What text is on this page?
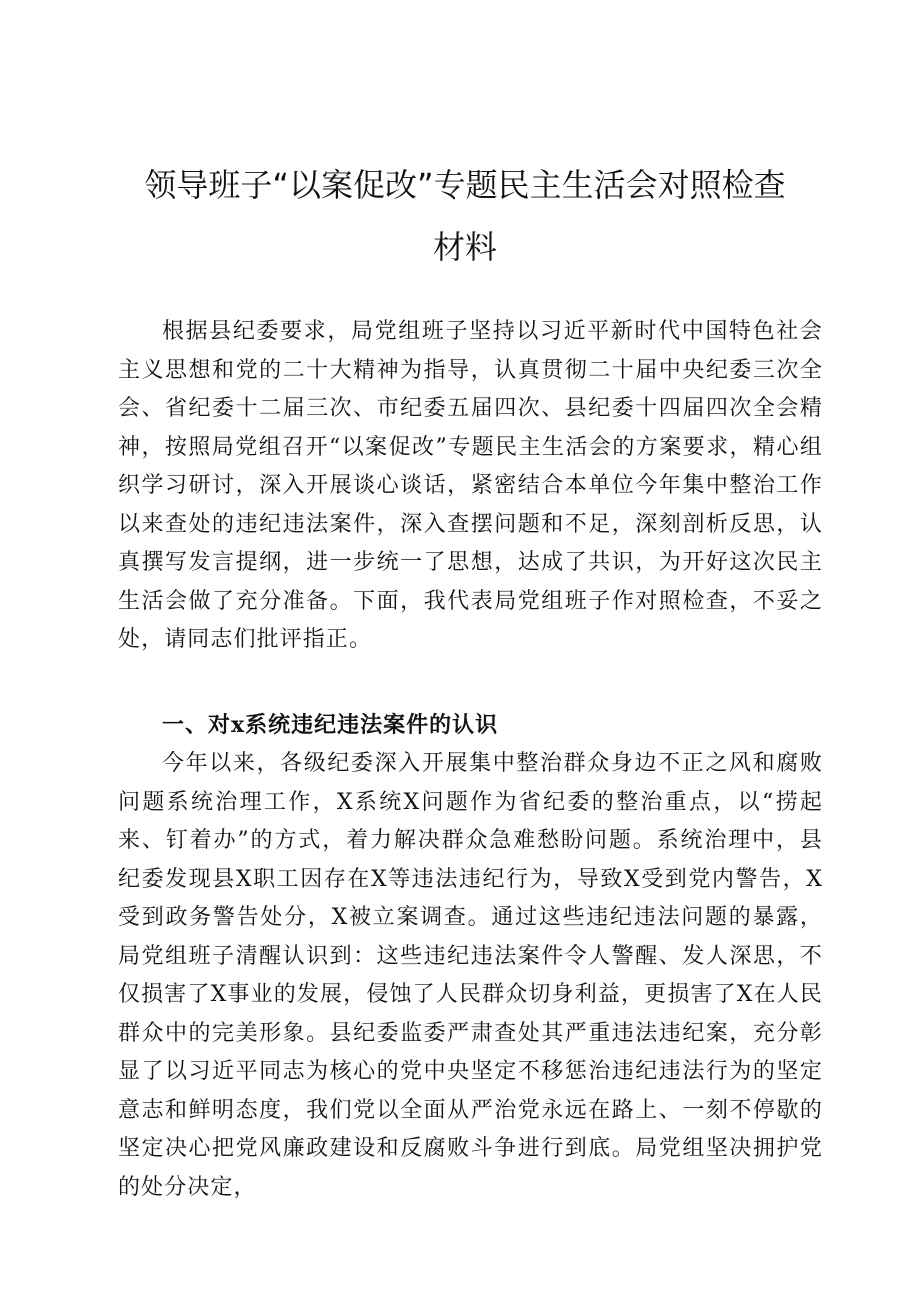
领导班子“以案促改”专题民主生活会对照检查
材料

根据县纪委要求，局党组班子坚持以习近平新时代中国特色社会主义思想和党的二十大精神为指导，认真贯彻二十届中央纪委三次全会、省纪委十二届三次、市纪委五届四次、县纪委十四届四次全会精神，按照局党组召开“以案促改”专题民主生活会的方案要求，精心组织学习研讨，深入开展谈心谈话，紧密结合本单位今年集中整治工作以来查处的违纪违法案件，深入查摆问题和不足，深刻剖析反思，认真撰写发言提纲，进一步统一了思想，达成了共识，为开好这次民主生活会做了充分准备。下面，我代表局党组班子作对照检查，不妥之处，请同志们批评指正。

一、对x系统违纪违法案件的认识

今年以来，各级纪委深入开展集中整治群众身边不正之风和腐败问题系统治理工作，X系统X问题作为省纪委的整治重点，以“捞起来、钉着办”的方式，着力解决群众急难愁盼问题。系统治理中，县纪委发现县X职工因存在X等违法违纪行为，导致X受到党内警告，X受到政务警告处分，X被立案调查。通过这些违纪违法问题的暴露，局党组班子清醒认识到：这些违纪违法案件令人警醒、发人深思，不仅损害了X事业的发展，侵蚀了人民群众切身利益，更损害了X在人民群众中的完美形象。县纪委监委严肃查处其严重违法违纪案，充分彰显了以习近平同志为核心的党中央坚定不移惩治违纪违法行为的坚定意志和鲜明态度，我们党以全面从严治党永远在路上、一刻不停歇的坚定决心把党风廉政建设和反腐败斗争进行到底。局党组坚决拥护党的处分决定，
